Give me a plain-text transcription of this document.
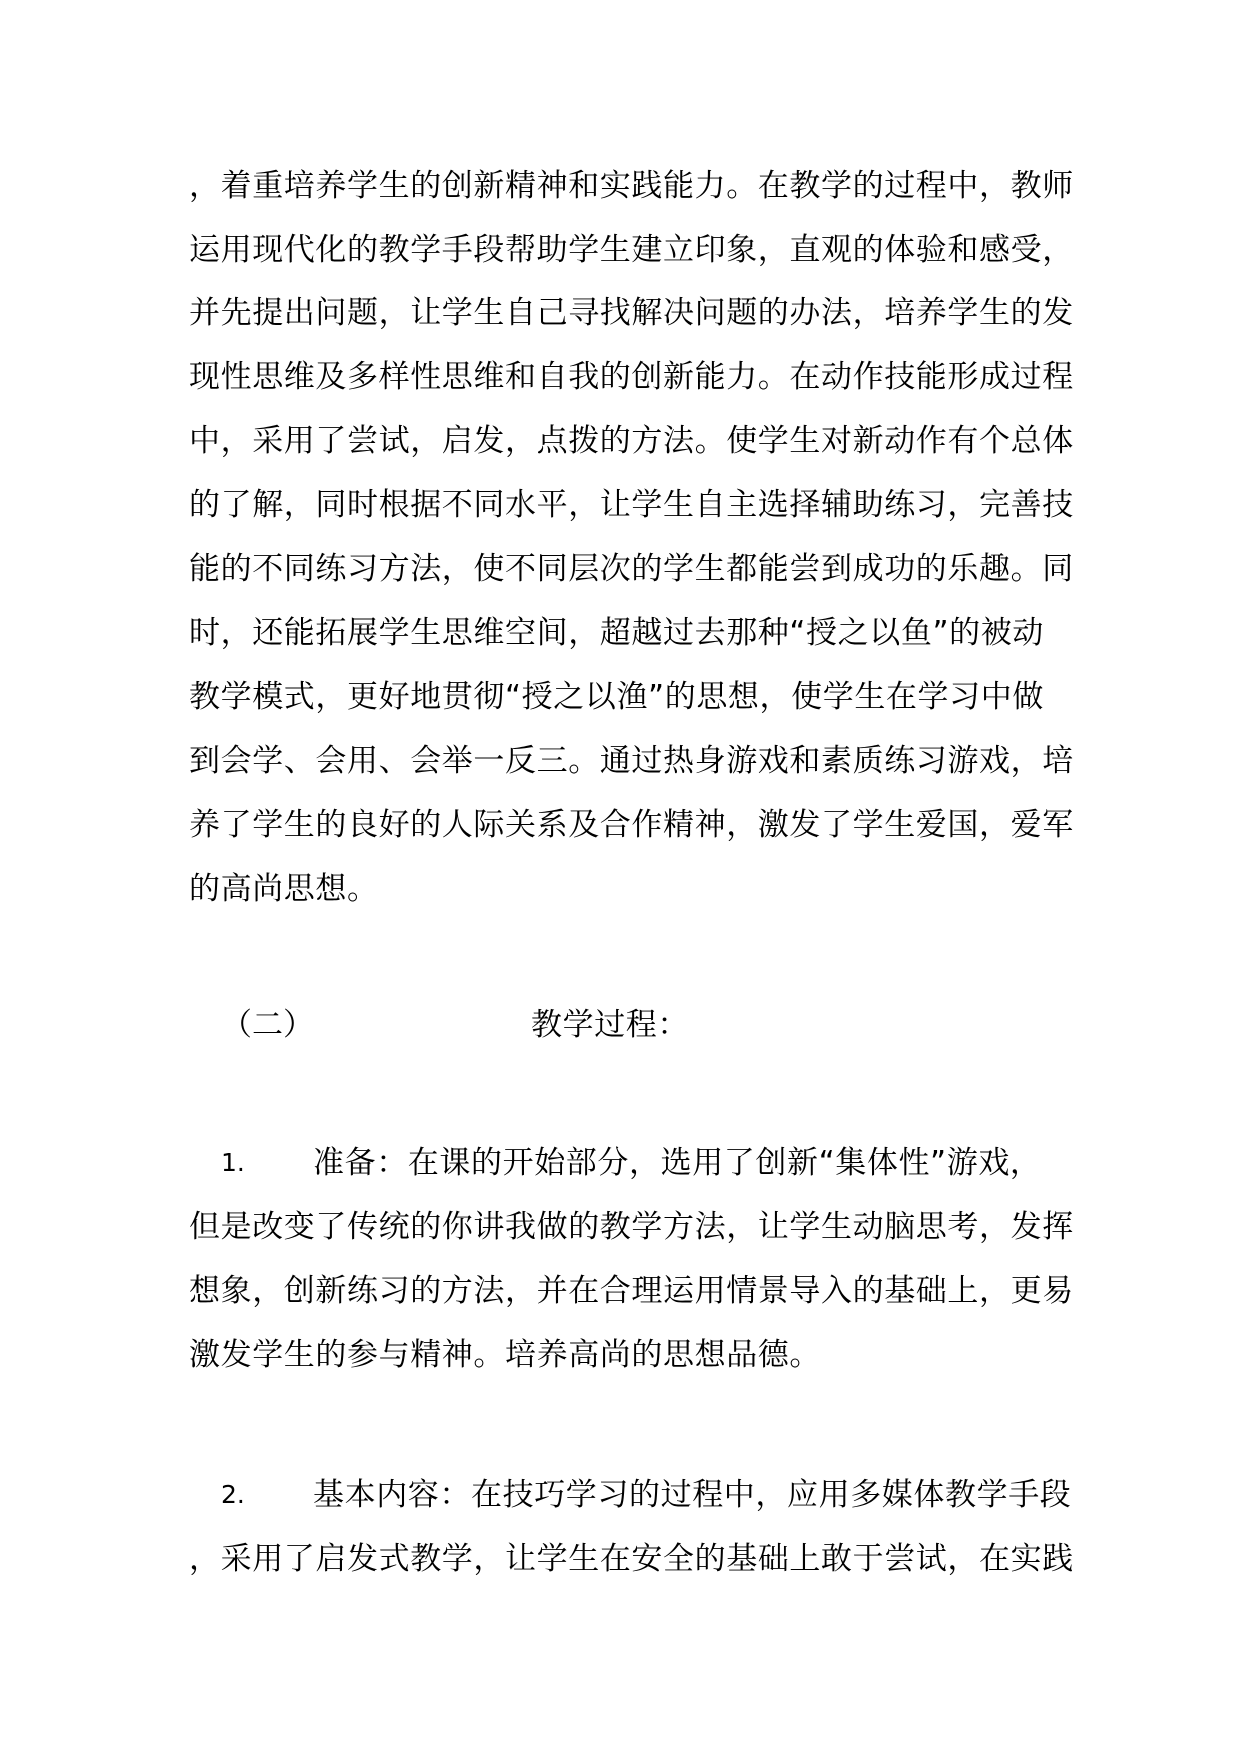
，着重培养学生的创新精神和实践能力。在教学的过程中，教师
运用现代化的教学手段帮助学生建立印象，直观的体验和感受，
并先提出问题，让学生自己寻找解决问题的办法，培养学生的发
现性思维及多样性思维和自我的创新能力。在动作技能形成过程
中，采用了尝试，启发，点拨的方法。使学生对新动作有个总体
的了解，同时根据不同水平，让学生自主选择辅助练习，完善技
能的不同练习方法，使不同层次的学生都能尝到成功的乐趣。同
时，还能拓展学生思维空间，超越过去那种“授之以鱼”的被动
教学模式，更好地贯彻“授之以渔”的思想，使学生在学习中做
到会学、会用、会举一反三。通过热身游戏和素质练习游戏，培
养了学生的良好的人际关系及合作精神，激发了学生爱国，爱军
的高尚思想。
（二）	教学过程：
1. 准备：在课的开始部分，选用了创新“集体性”游戏，
但是改变了传统的你讲我做的教学方法，让学生动脑思考，发挥
想象，创新练习的方法，并在合理运用情景导入的基础上，更易
激发学生的参与精神。培养高尚的思想品德。
2. 基本内容：在技巧学习的过程中，应用多媒体教学手段
，采用了启发式教学，让学生在安全的基础上敢于尝试，在实践
